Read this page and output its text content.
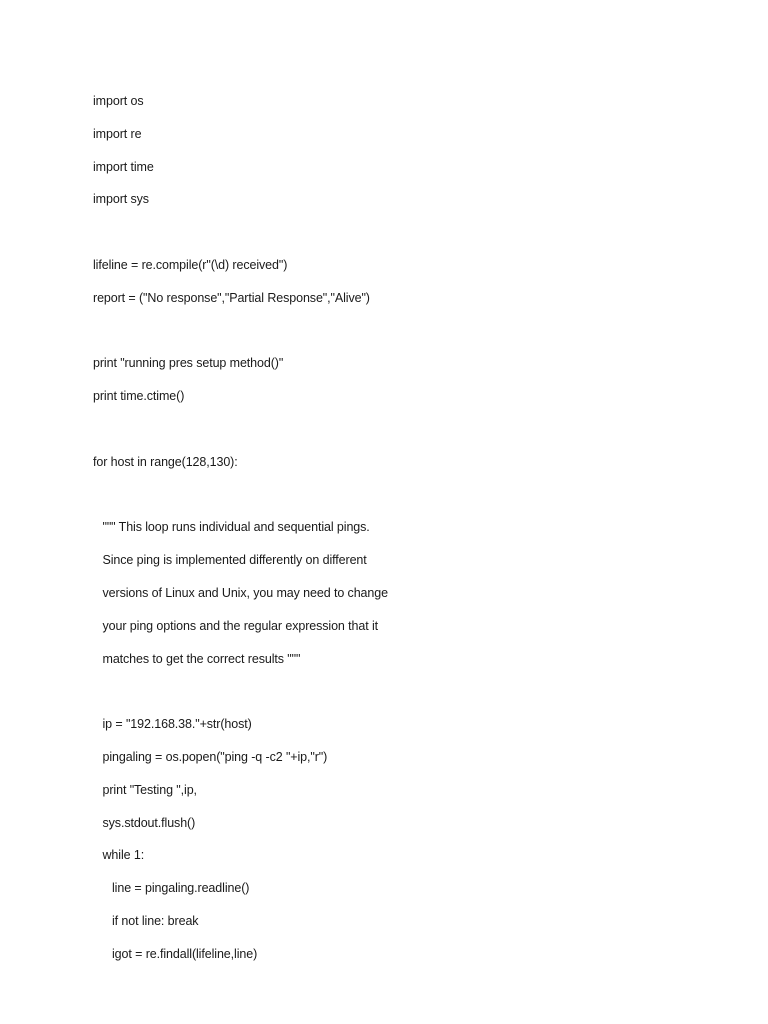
import os
import re
import time
import sys
lifeline = re.compile(r"(\d) received")
report = ("No response","Partial Response","Alive")
print "running pres setup method()"
print time.ctime()
for host in range(128,130):
""" This loop runs individual and sequential pings.
Since ping is implemented differently on different
versions of Linux and Unix, you may need to change
your ping options and the regular expression that it
matches to get the correct results """
ip = "192.168.38."+str(host)
pingaling = os.popen("ping -q -c2 "+ip,"r")
print "Testing ",ip,
sys.stdout.flush()
while 1:
line = pingaling.readline()
if not line: break
igot = re.findall(lifeline,line)
